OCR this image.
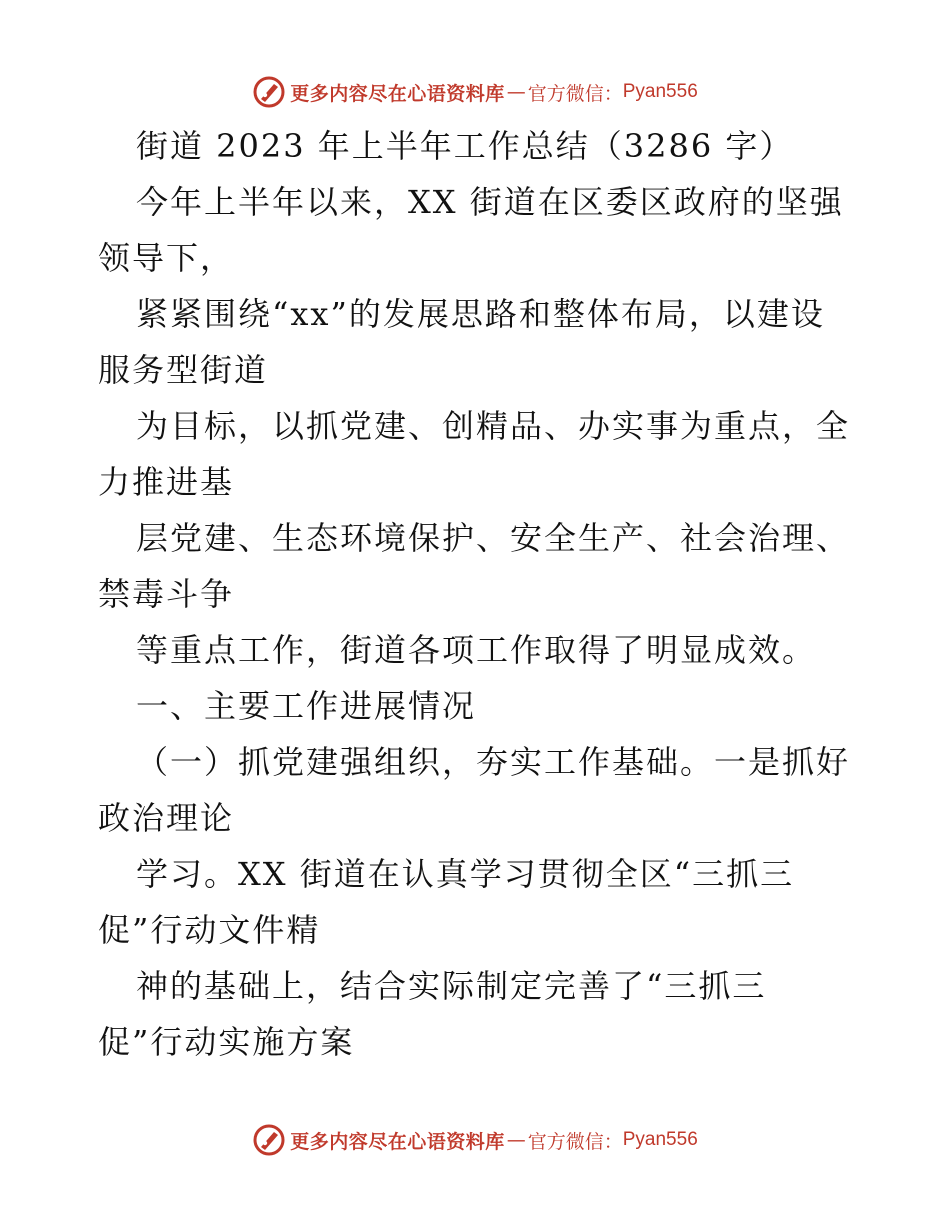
更多内容尽在心语资料库 — 官方微信： Pyan556
街道 2023 年上半年工作总结（3286 字）
今年上半年以来，XX 街道在区委区政府的坚强
领导下，
紧紧围绕“xx”的发展思路和整体布局，以建设
服务型街道
为目标，以抓党建、创精品、办实事为重点，全
力推进基
层党建、生态环境保护、安全生产、社会治理、
禁毒斗争
等重点工作，街道各项工作取得了明显成效。
一、主要工作进展情况
（一）抓党建强组织，夯实工作基础。一是抓好
政治理论
学习。XX 街道在认真学习贯彻全区“三抓三
促”行动文件精
神的基础上，结合实际制定完善了“三抓三
促”行动实施方案
更多内容尽在心语资料库 — 官方微信： Pyan556
